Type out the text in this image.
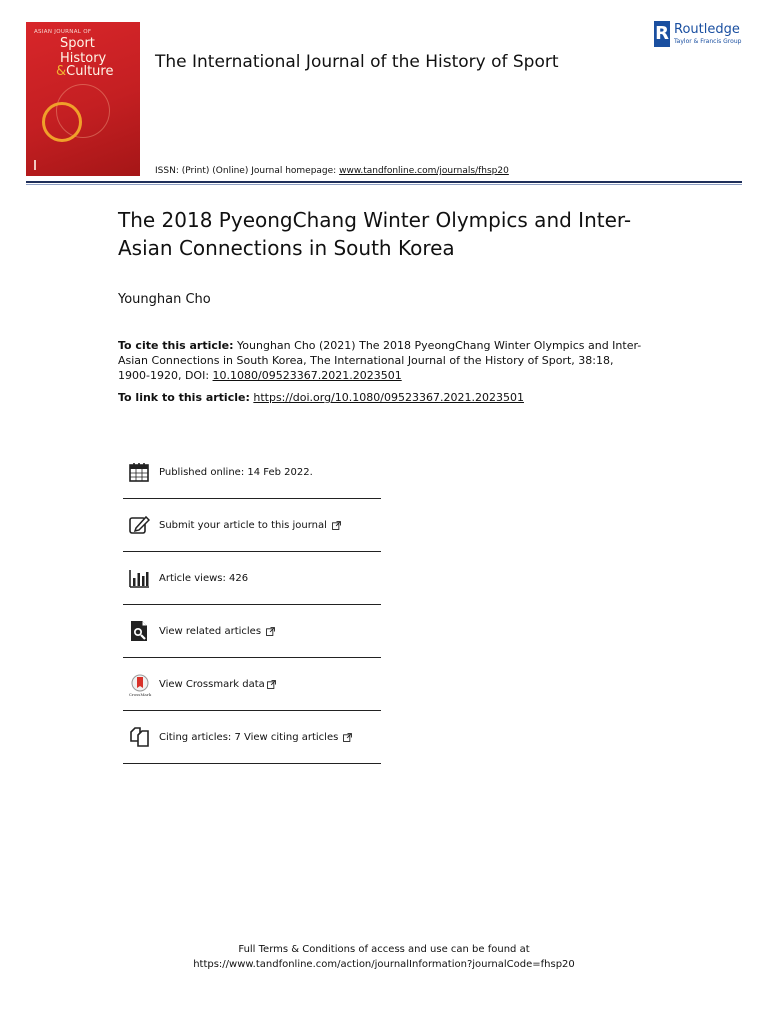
ASIAN JOURNAL OF
Sport
History
&Culture The International Journal of the History of Sport
ISSN: (Print) (Online) Journal homepage: www.tandfonline.com/journals/fhsp20
R Routledge
Taylor & Francis Group
The 2018 PyeongChang Winter Olympics and Inter-Asian Connections in South Korea
Younghan Cho
To cite this article: Younghan Cho (2021) The 2018 PyeongChang Winter Olympics and Inter-Asian Connections in South Korea, The International Journal of the History of Sport, 38:18, 1900-1920, DOI: 10.1080/09523367.2021.2023501
To link to this article: https://doi.org/10.1080/09523367.2021.2023501
Published online: 14 Feb 2022.
Submit your article to this journal
Article views: 426
View related articles
CrossMark
View Crossmark data
Citing articles: 7 View citing articles
Full Terms & Conditions of access and use can be found at
https://www.tandfonline.com/action/journalInformation?journalCode=fhsp20
